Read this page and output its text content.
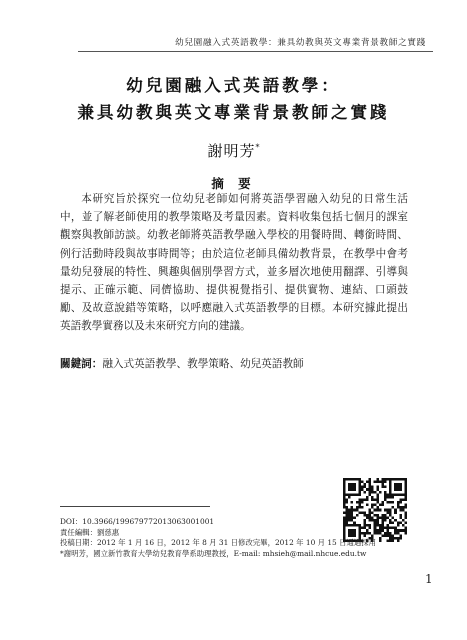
幼兒園融入式英語教學：兼具幼教與英文專業背景教師之實踐
幼兒園融入式英語教學：
兼具幼教與英文專業背景教師之實踐
謝明芳*
摘 要

本研究旨於探究一位幼兒老師如何將英語學習融入幼兒的日常生活中，並了解老師使用的教學策略及考量因素。資料收集包括七個月的課室觀察與教師訪談。幼教老師將英語教學融入學校的用餐時間、轉銜時間、例行活動時段與故事時間等；由於這位老師具備幼教背景，在教學中會考量幼兒發展的特性、興趣與個別學習方式，並多層次地使用翻譯、引導與提示、正確示範、同儕協助、提供視覺指引、提供實物、連結、口頭鼓勵、及故意說錯等策略，以呼應融入式英語教學的目標。本研究據此提出英語教學實務以及未來研究方向的建議。

關鍵詞：融入式英語教學、教學策略、幼兒英語教師
DOI：10.3966/199679772013063001001
責任編輯：劉慈惠
投稿日期：2012 年 1 月 16 日，2012 年 8 月 31 日修改完畢，2012 年 10 月 15 日通過採用
*謝明芳，國立新竹教育大學幼兒教育學系助理教授，E-mail: mhsieh@mail.nhcue.edu.tw
1
